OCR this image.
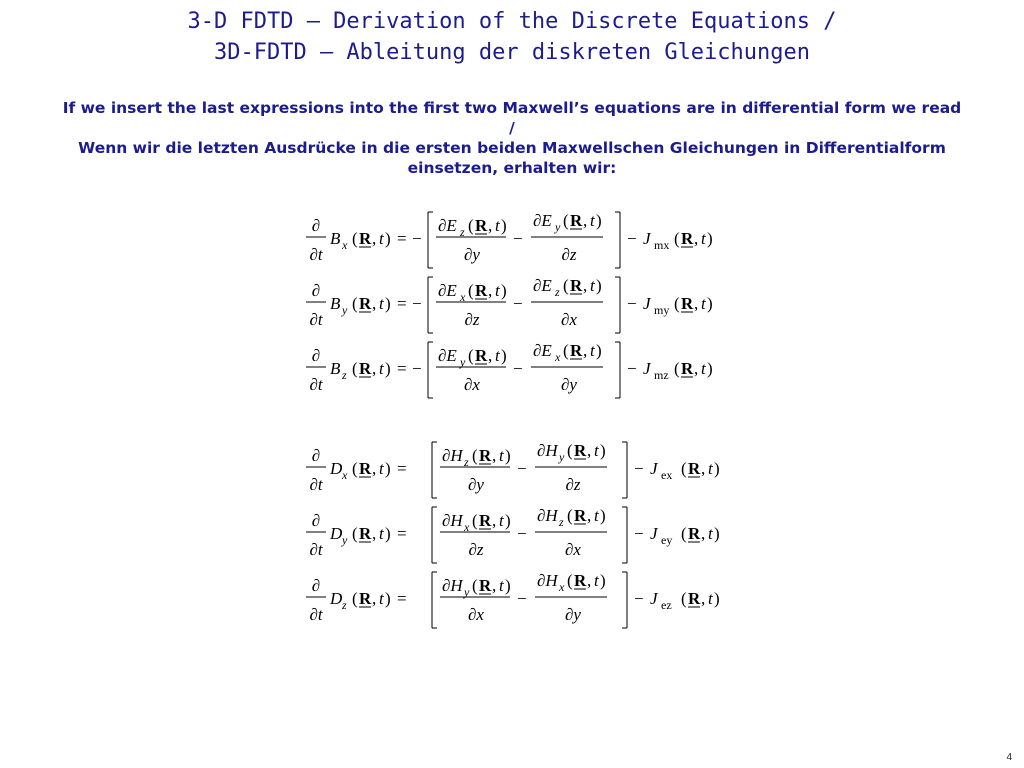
3-D FDTD – Derivation of the Discrete Equations /
3D-FDTD – Ableitung der diskreten Gleichungen
If we insert the last expressions into the first two Maxwell’s equations are in differential form we read /
Wenn wir die letzten Ausdrücke in die ersten beiden Maxwellschen Gleichungen in Differentialform
einsetzen, erhalten wir:
∂
∂t
B x ( R , t ) = −
∂E z ( R , t )
∂y
−
∂E y ( R , t )
∂z
− J mx ( R , t )
∂
∂t
B y ( R , t ) = −
∂E x ( R , t )
∂z
−
∂E z ( R , t )
∂x
− J my ( R , t )
∂
∂t
B z ( R , t ) = −
∂E y ( R , t )
∂x
−
∂E x ( R , t )
∂y
− J mz ( R , t )
∂
∂t
D x ( R , t ) =
∂H z ( R , t )
∂y
−
∂H y ( R , t )
∂z
− J ex ( R , t )
∂
∂t
D y ( R , t ) =
∂H x ( R , t )
∂z
−
∂H z ( R , t )
∂x
− J ey ( R , t )
∂
∂t
D z ( R , t ) =
∂H y ( R , t )
∂x
−
∂H x ( R , t )
∂y
− J ez ( R , t )
4
